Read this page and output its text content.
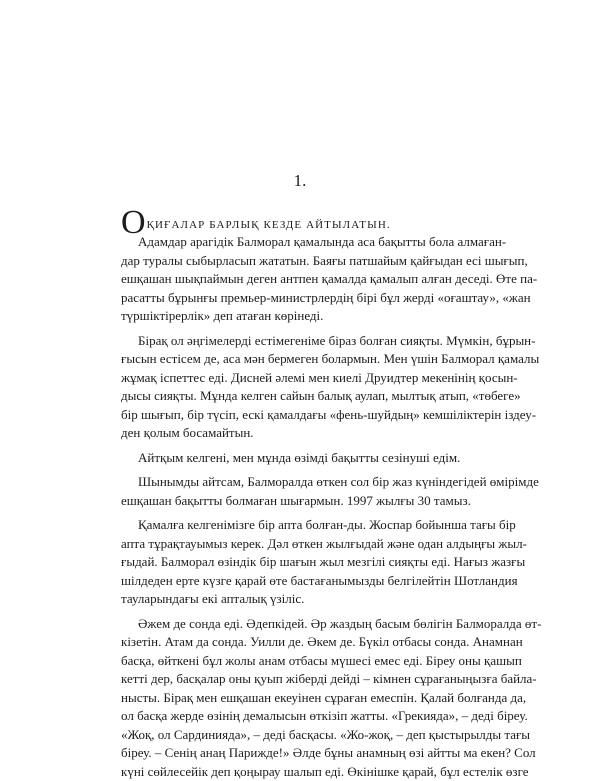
1.
О ҚИҒАЛАР БАРЛЫҚ КЕЗДЕ АЙТЫЛАТЫН.
Адамдар арагідік Балморал қамалында аса бақытты бола алмаған-
дар туралы сыбырласып жататын. Баяғы патшайым қайғыдан есі шығып,
ешқашан шықпаймын деген антпен қамалда қамалып алған деседі. Өте па-
расатты бұрынғы премьер-министрлердің бірі бұл жерді «оғаштау», «жан
түршіктірерлік» деп атаған көрінеді.
Бірақ ол әңгімелерді естімегеніме біраз болған сияқты. Мүмкін, бұрын-
ғысын естісем де, аса мән бермеген болармын. Мен үшін Балморал қамалы
жұмақ іспеттес еді. Дисней әлемі мен киелі Друидтер мекенінің қосын-
дысы сияқты. Мұнда келген сайын балық аулап, мылтық атып, «төбеге»
бір шығып, бір түсіп, ескі қамалдағы «фень-шуйдың» кемшіліктерін іздеу-
ден қолым босамайтын.
Айтқым келгені, мен мұнда өзімді бақытты сезінуші едім.
Шынымды айтсам, Балморалда өткен сол бір жаз күніндегідей өмірімде
ешқашан бақытты болмаған шығармын. 1997 жылғы 30 тамыз.
Қамалға келгенімізге бір апта болған-ды. Жоспар бойынша тағы бір
апта тұрақтауымыз керек. Дәл өткен жылғыдай және одан алдыңғы жыл-
ғыдай. Балморал өзіндік бір шағын жыл мезгілі сияқты еді. Нағыз жазғы
шілдеден ерте күзге қарай өте бастағанымызды белгілейтін Шотландия
тауларындағы екі апталық үзіліс.
Әжем де сонда еді. Әдепкідей. Әр жаздың басым бөлігін Балморалда өт-
кізетін. Атам да сонда. Уилли де. Әкем де. Бүкіл отбасы сонда. Анамнан
басқа, өйткені бұл жолы анам отбасы мүшесі емес еді. Біреу оны қашып
кетті дер, басқалар оны қуып жіберді дейді – кімнен сұрағаныңызға байла-
нысты. Бірақ мен ешқашан екеуінен сұраған емеспін. Қалай болғанда да,
ол басқа жерде өзінің демалысын өткізіп жатты. «Грекияда», – деді біреу.
«Жоқ, ол Сардинияда», – деді басқасы. «Жо-жоқ, – деп қыстырылды тағы
біреу. – Сенің анаң Парижде!» Әлде бұны анамның өзі айтты ма екен? Сол
күні сөйлесейік деп қоңырау шалып еді. Өкінішке қарай, бұл естелік өзге
